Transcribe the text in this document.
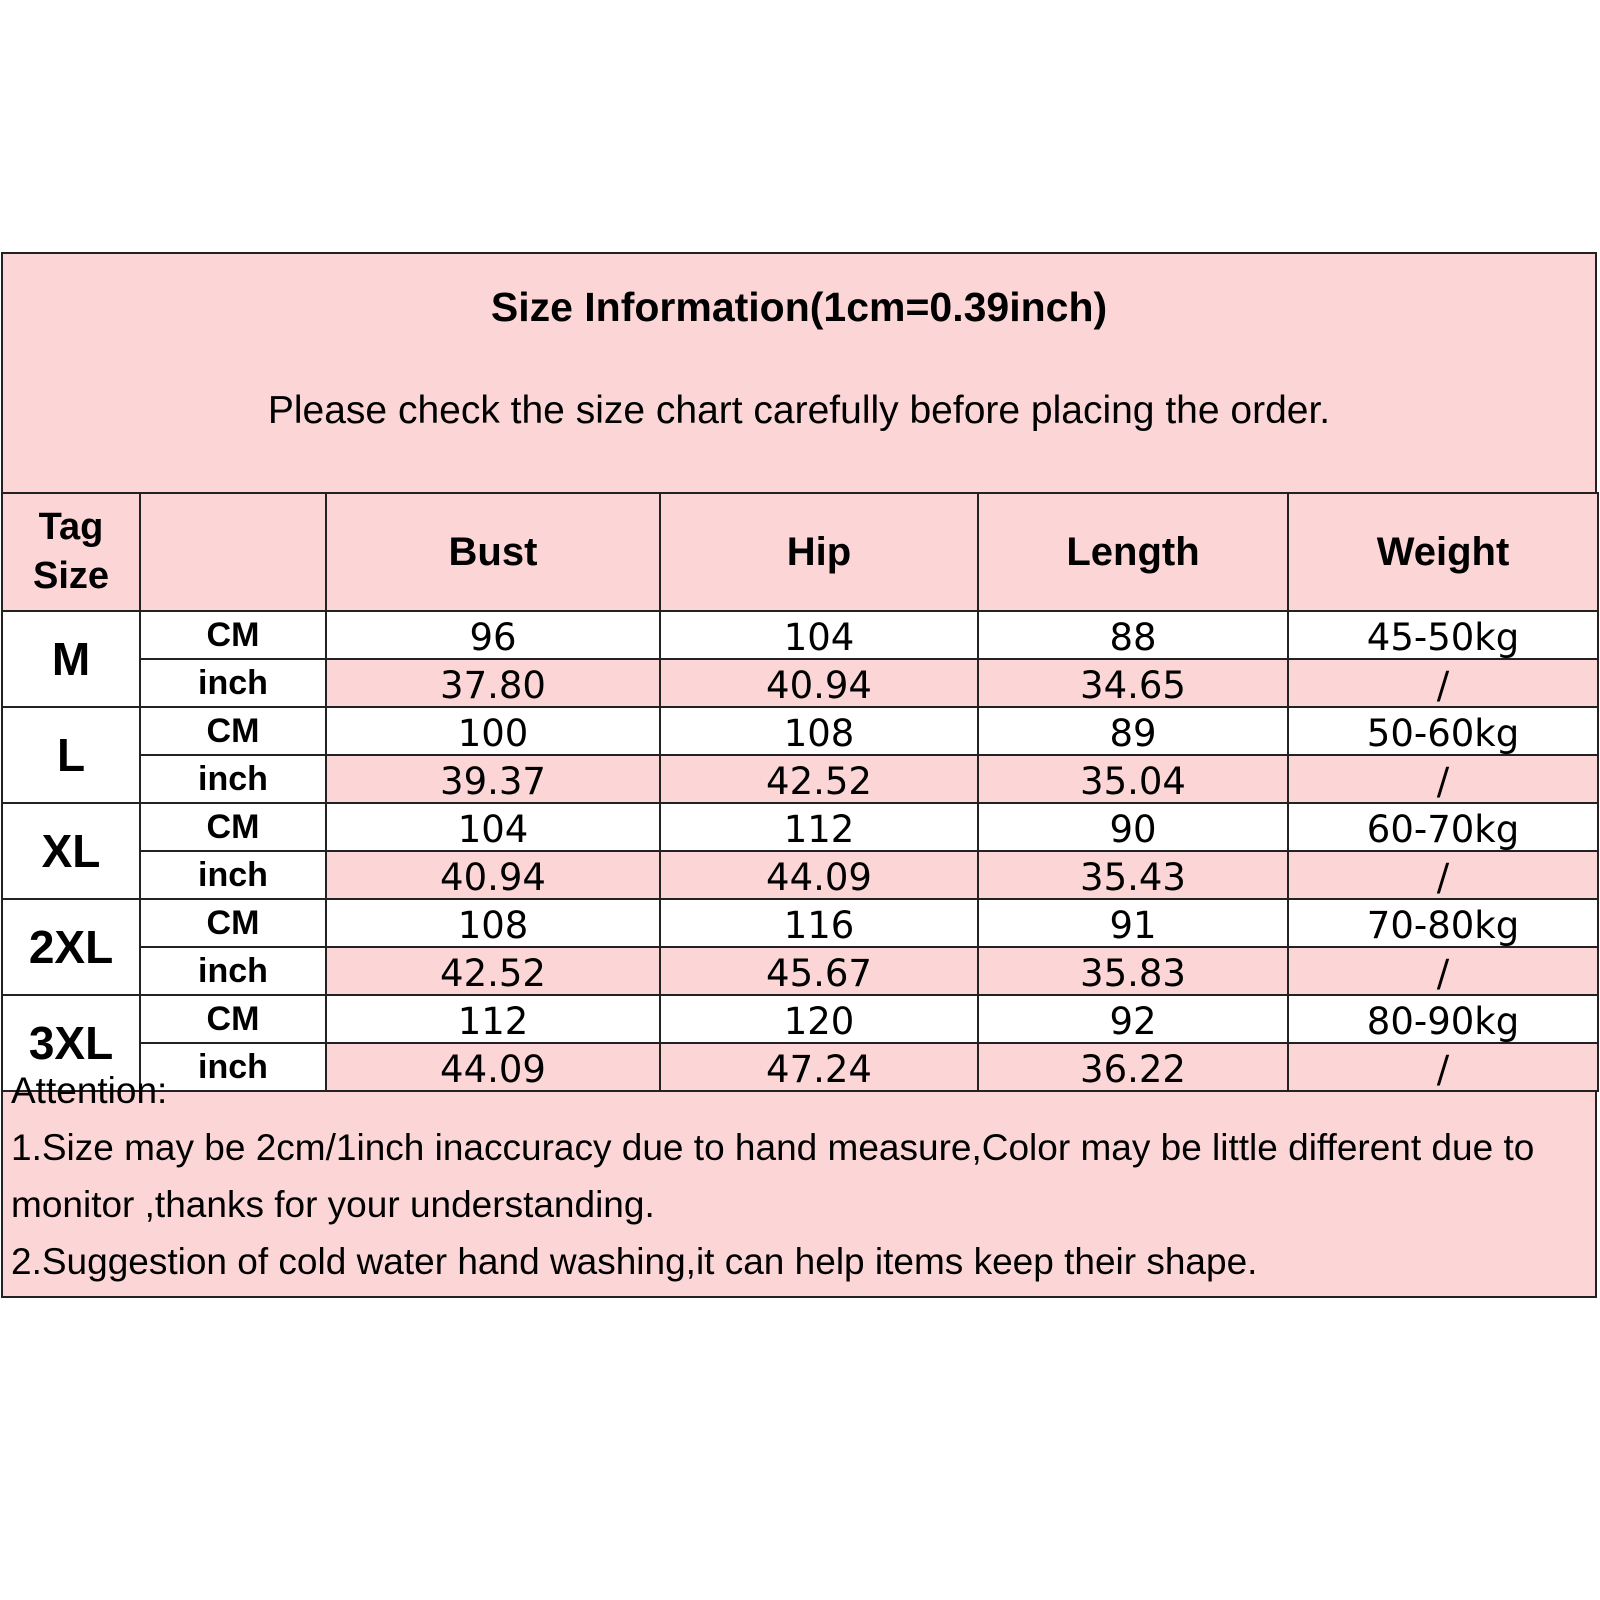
Size Information(1cm=0.39inch)
Please check the size chart carefully before placing the order.
Tag Size		Bust	Hip	Length	Weight
M	CM	96	104	88	45-50kg
	inch	37.80	40.94	34.65	/
L	CM	100	108	89	50-60kg
	inch	39.37	42.52	35.04	/
XL	CM	104	112	90	60-70kg
	inch	40.94	44.09	35.43	/
2XL	CM	108	116	91	70-80kg
	inch	42.52	45.67	35.83	/
3XL	CM	112	120	92	80-90kg
	inch	44.09	47.24	36.22	/
Attention:
1.Size may be 2cm/1inch inaccuracy due to hand measure,Color may be little different due to monitor ,thanks for your understanding.
2.Suggestion of cold water hand washing,it can help items keep their shape.
